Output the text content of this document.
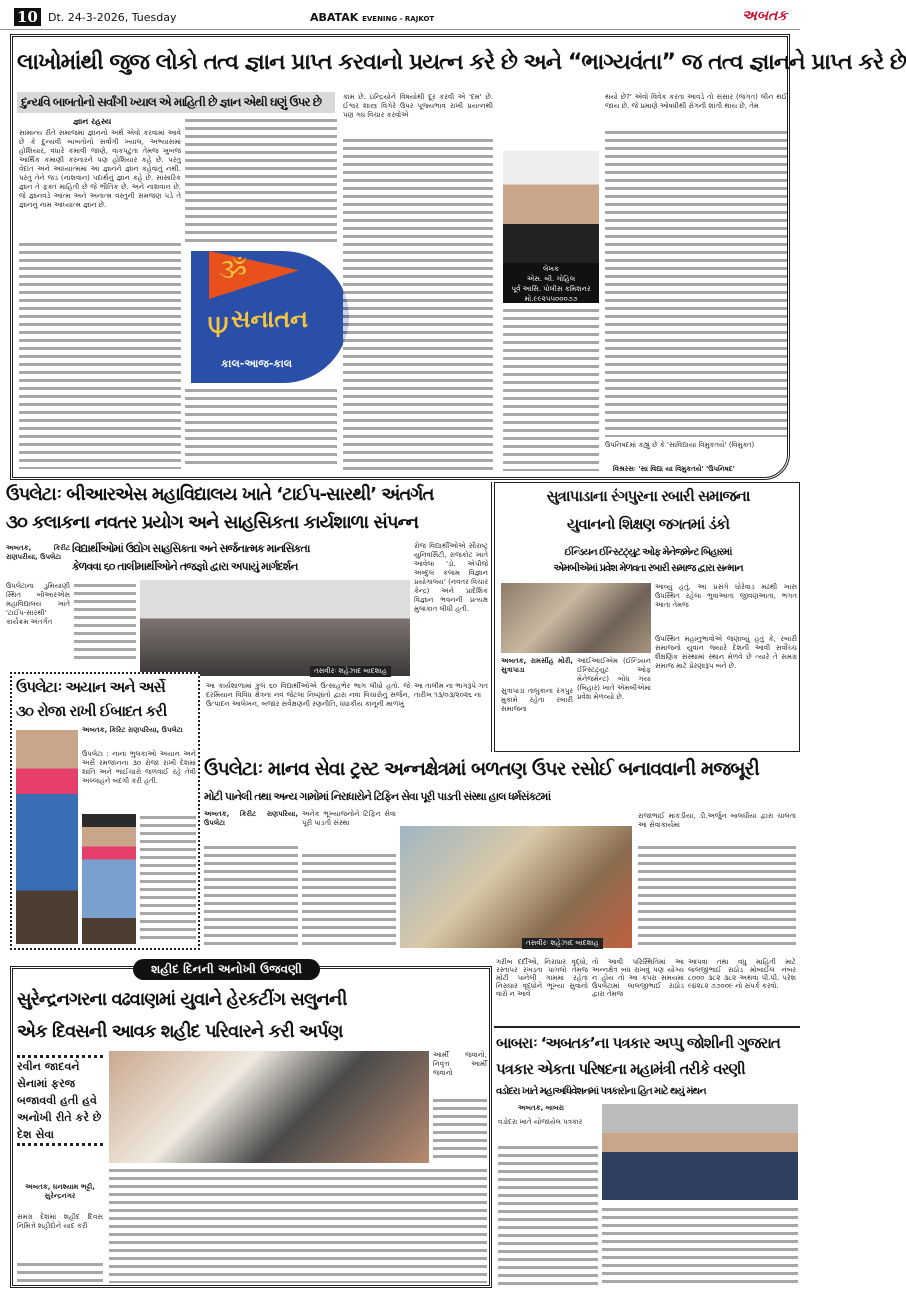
10 Dt. 24-3-2026, Tuesday	ABATAK EVENING - RAJKOT	અબતક
લાખોમાંથી જુજ લોકો તત્વ જ્ઞાન પ્રાપ્ત કરવાનો પ્રયત્ન કરે છે અને “ભાગ્યવંતા” જ તત્વ જ્ઞાનને પ્રાપ્ત કરે છે
દુન્યવિ બાબતોનો સર્વાંગી ખ્યાલ એ માહિતી છે જ્ઞાન એથી ઘણું ઉપર છે
જ્ઞાન રહસ્ય
સામાન્ય રીતે સમાજમાં જ્ઞાનનો અર્થ એવો કરવામાં આવે છે કે દુન્યવી બાબતોનો સર્વાંગી ખ્યાલ, અભ્યાસમાં હોશિયાર, વધારે કમાવી જાણે, વાકપટુતા તેમજ ખુબજ આર્થિક કમાણી કરનારને પણ હોશિયાર કહે છે. પરંતુ વેદાંત અને આધ્યાત્મમાં આ જ્ઞાનને જ્ઞાન કહેવાતું નથી. પરંતુ તેને જડ (નાશવાન) પદાર્થનું જ્ઞાન કહે છે. સાંસારિક જ્ઞાન તે ફક્ત માહિતી છે જે ભૌતિક છે. અને નાશવાન છે. જે જ્ઞાનવડે આત્મ અને અનાત્મ વસ્તુની સમજણ પડે તે જ્ઞાનનું નામ આધ્યાત્મ જ્ઞાન છે.
ૐ
સનાતન
Ψ
કાલ-આજ-કાલ
કામ છે. ઇન્દ્રિયોને વિષયોથી દૂર કરવી એ 'દમ' છે. ઈશ્વર શાસ્ત્ર વિગેરે ઉપર પૂજ્યભાવ રાખી પ્રયત્નથી પણ ગધ વિચાર કરવોએ
લેખક
એસ. બી. ગોહિલ
પૂર્વ આસિ. પોલીસ કમિશનર
મો.૯૯૨૫૫૦૦૦૭૭
થયો છે?' એવો વિવેક કરતા આવડે તો સંસાર (જગત) લીન થઈ જાય છે. જે પ્રમાણે ઓષધીથી રોગની શાંતી થાય છે, તેમ
ઉપનિષદમાં કહ્યું છે કે 'સાવિદ્યાયા વિમુકતયે' (વિમુક્ત)
વિશ્રરસઃ 'સા વિદ્યા યા વિમુકતયે' 'ઉપનિષદ'
ઉપલેટાઃ બીઆરએસ મહાવિદ્યાલય ખાતે ‘ટાઈપ-સારથી’ અંતર્ગત
૩૦ કલાકના નવતર પ્રયોગ અને સાહસિકતા કાર્યશાળા સંપન્ન
અબતક, કિરીટ રાણપરીયા, ઉપલેટા
ઉપલેટાના ડુમિયાણી સ્થિત બીઆરએસ મહાવિદ્યાલય ખાતે 'ટાઈપ-સારથી' કાર્યક્રમ અંતર્ગત
વિદ્યાર્થીઓમાં ઉદ્યોગ સાહસિકતા અને સર્જનાત્મક માનસિકતા
કેળવવા ૬૦ તાલીમાર્થીઓને તજજ્ઞો દ્વારા અપાયું માર્ગદર્શન
તસવીરઃ શહેઝાદ બાદશાહ
રોજ વિદ્યાર્થીઓએ સૌરાષ્ટ્ર યુનિવર્સિટી, રાજકોટ ખાતે આવેલા 'ડો. એપીજે અબ્દુલ કલામ વિજ્ઞાન પ્રયોગાલય' (નવતર વિચાર કેન્દ્ર) અને પ્રાદેશિક વિજ્ઞાન ભવનની પ્રત્યક્ષ મુલાકાત લીધી હતી.
આ કાર્યશાળામાં કુલ ૬૦ વિદ્યાર્થીઓએ ઉત્સાહભેર ભાગ લીધો હતો. જે દરમિયાન વિવિધ ક્ષેત્રના નવ જેટલા નિષ્ણાંતો દ્વારા નવા વિચારોનું સર્જન, ઉત્પાદન આલેખન, બજાર સર્વેક્ષણની રણનીતિ, ધંધાકીય કાનૂની માળખું
આ તાલીમ ના ભાગરૂપે ગત તારીખ ૧૩/૦૩/૨૦૨૬ ના
ઉપલેટાઃ અયાન અને અર્સે
૩૦ રોજા રાખી ઈબાદત કરી
અબતક, કિરિટ રાણપરિયા, ઉપલેટા
ઉપલેટા : નાના ભુલકાઓ અયાન અને અર્સે રમજાનના ૩૦ રોજા રાખી દેશમાં શાંતિ અને ભાઈચારો જળવાઈ રહે તેવી અલ્લાહને બંદગી કરી હતી.
સુત્રાપાડાના રંગપુરના રબારી સમાજના
યુવાનનો શિક્ષણ જગતમાં ડંકો
ઈન્ડિયન ઈન્સ્ટિટ્યુટ ઓફ મેનેજમેન્ટ બિહારમાં
એમબીએમાં પ્રવેશ મેળવતા રબારી સમાજ દ્વારા સન્માન
આવ્યું હતું. આ પ્રસંગે ધોરેવાડ મઢથી ખાસ ઉપસ્થિત રહેલા ભુવાઆતા જીવણઆતા, ભગત આતા તેમજ
ઉપસ્થિત મહાનુભાવોએ જણાવ્યું હતું કે, રબારી સમાજનો યુવાન જ્યારે દેશની આવી સર્વોચ્ચ શૈક્ષણિક સંસ્થામાં સ્થાન મેળવે છે ત્યારે તે સમગ્ર સમાજ માટે પ્રેરણારૂપ બને છે.
અબતક, રામસીંહ મોરી, સુત્રાપાડા
સુત્રાપાડા તાલુકાના રંગપુર મુકામે રહેતા રબારી સમાજના
આઈઆઈએમ (ઈન્ડિયન ઈન્સ્ટિટ્યુટ ઓફ મેનેજમેન્ટ) બોધ ગયા (બિહાર) ખાતે એમબીએમાં પ્રવેશ મેળવ્યો છે.
ઉપલેટાઃ માનવ સેવા ટ્રસ્ટ અન્નક્ષેત્રમાં બળતણ ઉપર રસોઈ બનાવવાની મજબૂરી
મોટી પાનેલી તથા અન્ય ગામોમાં નિરાધારોને ટિફિન સેવા પૂરી પાડતી સંસ્થા હાલ ધર્મસંકટમાં
અબતક, કિરીટ રાણપરિયા, ઉપલેટા
અનેક ભૂખ્યાજનોને ટિફિન સેવા પૂરી પાડતી સંસ્થા
તસવીરઃ શહેઝાદ બાદશાહ
રાજાભાઈ માકડીયા, ડી.અર્જુન બાલધીયા દ્વારા ચાલતા આ સેવાકાર્યમાં
ગરીબ દર્દીઓ, નિરાધાર વૃદ્ધો, રસ્તાપર રખડતા પાગલો તેમજ મોટી પાનેલી ગામમાં રહેતા નિરાધાર વૃદ્ધોને ભૂખ્યા સુવાનો વારો ન આવે
તો આવી પરિસ્થિતિમાં આ અન્નક્ષેત્ર બંધ રાખવું પણ યોગ્ય ન હોય તો આ કપરા સમયમાં ઉપલેટામાં લાલજીભાઈ રાઠોડ દ્વારા તેમજ
આપવા તથા વધુ માહિતી માટે લાલજીભાઈ રાઠોડ મોબાઈલ નંબર ૮૦૦૦ ૩૮૨ ૩૮૨ અથવા પી.પી. પરેશ ૯૪૨૮૨ ૭૭૦૦૯ નો સંપર્ક કરવો.
શહીદ દિનની અનોખી ઉજવણી
સુરેન્દ્રનગરના વઢવાણમાં યુવાને હેરકટીંગ સલુનની
એક દિવસની આવક શહીદ પરિવારને કરી અર્પણ
રવીન જાદવને સેનામાં ફરજ બજાવવી હતી હવે અનોખી રીતે કરે છે દેશ સેવા
અબતક, ઘનશ્યામ ભટ્ટી, સુરેન્દ્રનગર
સમગ્ર દેશમાં શહીદ દિવસ નિમિત્તે શહીદોને યાદ કરી
આર્મી જવાનો, નિવૃત્ત આર્મી જવાનો
બાબરાઃ ‘અબતક’ના પત્રકાર અપ્પુ જોશીની ગુજરાત
પત્રકાર એકતા પરિષદના મહામંત્રી તરીકે વરણી
વડોદરા ખાતે મહાઅધિવેશનમાં પત્રકારોના હિત માટે થયું મંથન
અબતક, બાબરા
વડોદરા ખાતે યોજાયેલ પત્રકાર
